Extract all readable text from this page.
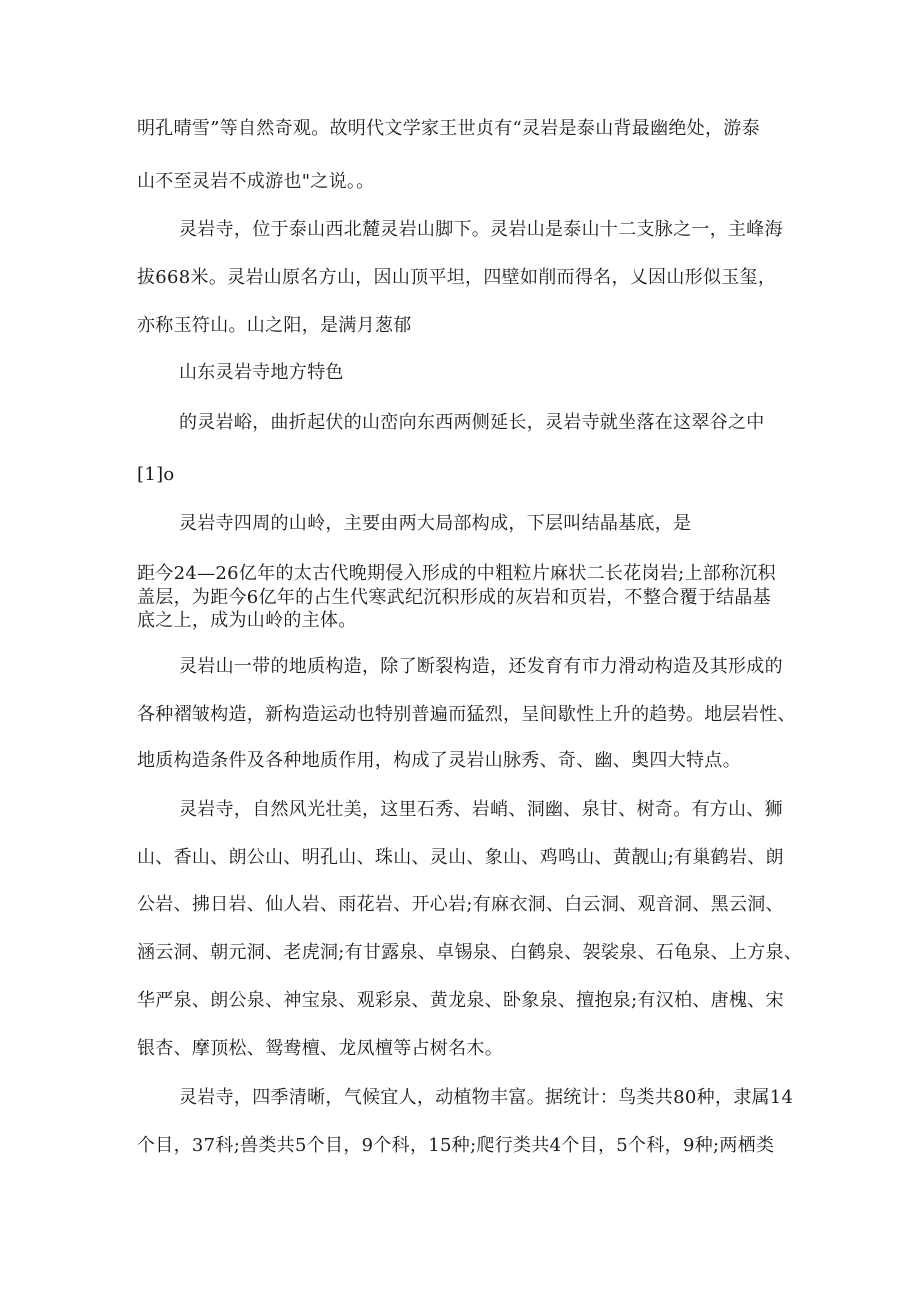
明孔晴雪”等自然奇观。故明代文学家王世贞有“灵岩是泰山背最幽绝处，游泰
山不至灵岩不成游也"之说。。
灵岩寺，位于泰山西北麓灵岩山脚下。灵岩山是泰山十二支脉之一，主峰海
拔668米。灵岩山原名方山，因山顶平坦，四壁如削而得名，乂因山形似玉玺，
亦称玉符山。山之阳，是满月葱郁
山东灵岩寺地方特色
的灵岩峪，曲折起伏的山峦向东西两侧延长，灵岩寺就坐落在这翠谷之中
[1]o
灵岩寺四周的山岭，主要由两大局部构成，下层叫结晶基底，是
距今24—26亿年的太古代晚期侵入形成的中粗粒片麻状二长花岗岩;上部称沉积
盖层，为距今6亿年的占生代寒武纪沉积形成的灰岩和页岩，不整合覆于结晶基
底之上，成为山岭的主体。
灵岩山一带的地质构造，除了断裂构造，还发育有市力滑动构造及其形成的
各种褶皱构造，新构造运动也特别普遍而猛烈，呈间歇性上升的趋势。地层岩性、
地质构造条件及各种地质作用，构成了灵岩山脉秀、奇、幽、奥四大特点。
灵岩寺，自然风光壮美，这里石秀、岩峭、洞幽、泉甘、树奇。有方山、狮
山、香山、朗公山、明孔山、珠山、灵山、象山、鸡鸣山、黄靓山;有巢鹤岩、朗
公岩、拂日岩、仙人岩、雨花岩、开心岩;有麻衣洞、白云洞、观音洞、黑云洞、
涵云洞、朝元洞、老虎洞;有甘露泉、卓锡泉、白鹤泉、袈裟泉、石龟泉、上方泉、
华严泉、朗公泉、神宝泉、观彩泉、黄龙泉、卧象泉、擅抱泉;有汉柏、唐槐、宋
银杏、摩顶松、鸳鸯檀、龙凤檀等占树名木。
灵岩寺，四季清晰，气候宜人，动植物丰富。据统计：鸟类共80种，隶属14
个目，37科;兽类共5个目，9个科，15种;爬行类共4个目，5个科，9种;两栖类
